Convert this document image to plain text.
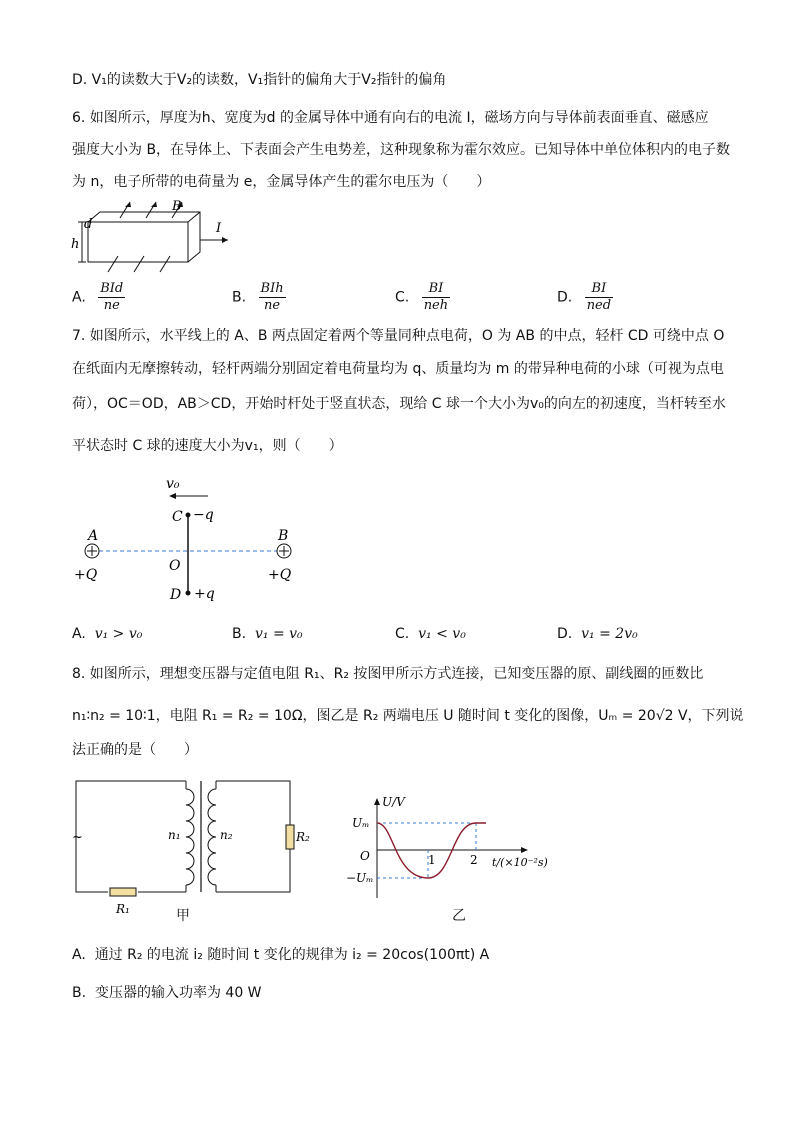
D. V₁的读数大于V₂的读数，V₁指针的偏角大于V₂指针的偏角
6. 如图所示，厚度为h、宽度为d 的金属导体中通有向右的电流 I，磁场方向与导体前表面垂直、磁感应
强度大小为 B，在导体上、下表面会产生电势差，这种现象称为霍尔效应。已知导体中单位体积内的电子数
为 n，电子所带的电荷量为 e，金属导体产生的霍尔电压为（　　）
d
h
B
I
A. $\frac{\text{BId}}{ne}$	B. $\frac{\text{BIh}}{ne}$	C. $\frac{BI}{\text{neh}}$	D. $\frac{BI}{\text{ned}}$
7. 如图所示，水平线上的 A、B 两点固定着两个等量同种点电荷，O 为 AB 的中点，轻杆 CD 可绕中点 O
在纸面内无摩擦转动，轻杆两端分别固定着电荷量均为 q、质量均为 m 的带异种电荷的小球（可视为点电
荷），OC＝OD，AB＞CD，开始时杆处于竖直状态，现给 C 球一个大小为v₀的向左的初速度，当杆转至水
平状态时 C 球的速度大小为v₁，则（　　）
v₀
C −q
A	B
+Q	+Q
O
D +q
A. v₁ > v₀	B. v₁ = v₀	C. v₁ < v₀	D. v₁ = 2v₀
8. 如图所示，理想变压器与定值电阻 R₁、R₂ 按图甲所示方式连接，已知变压器的原、副线圈的匝数比
n₁∶n₂ = 10∶1，电阻 R₁ = R₂ = 10Ω，图乙是 R₂ 两端电压 U 随时间 t 变化的图像，Uₘ = 20√2 V，下列说
法正确的是（　　）
~	n₁	n₂
R₁
R₂
甲
U/V
Uₘ
−Uₘ
O	1	2 t/(×10⁻²s)
乙
A. 通过 R₂ 的电流 i₂ 随时间 t 变化的规律为 i₂ = 20cos(100πt) A
B. 变压器的输入功率为 40 W
